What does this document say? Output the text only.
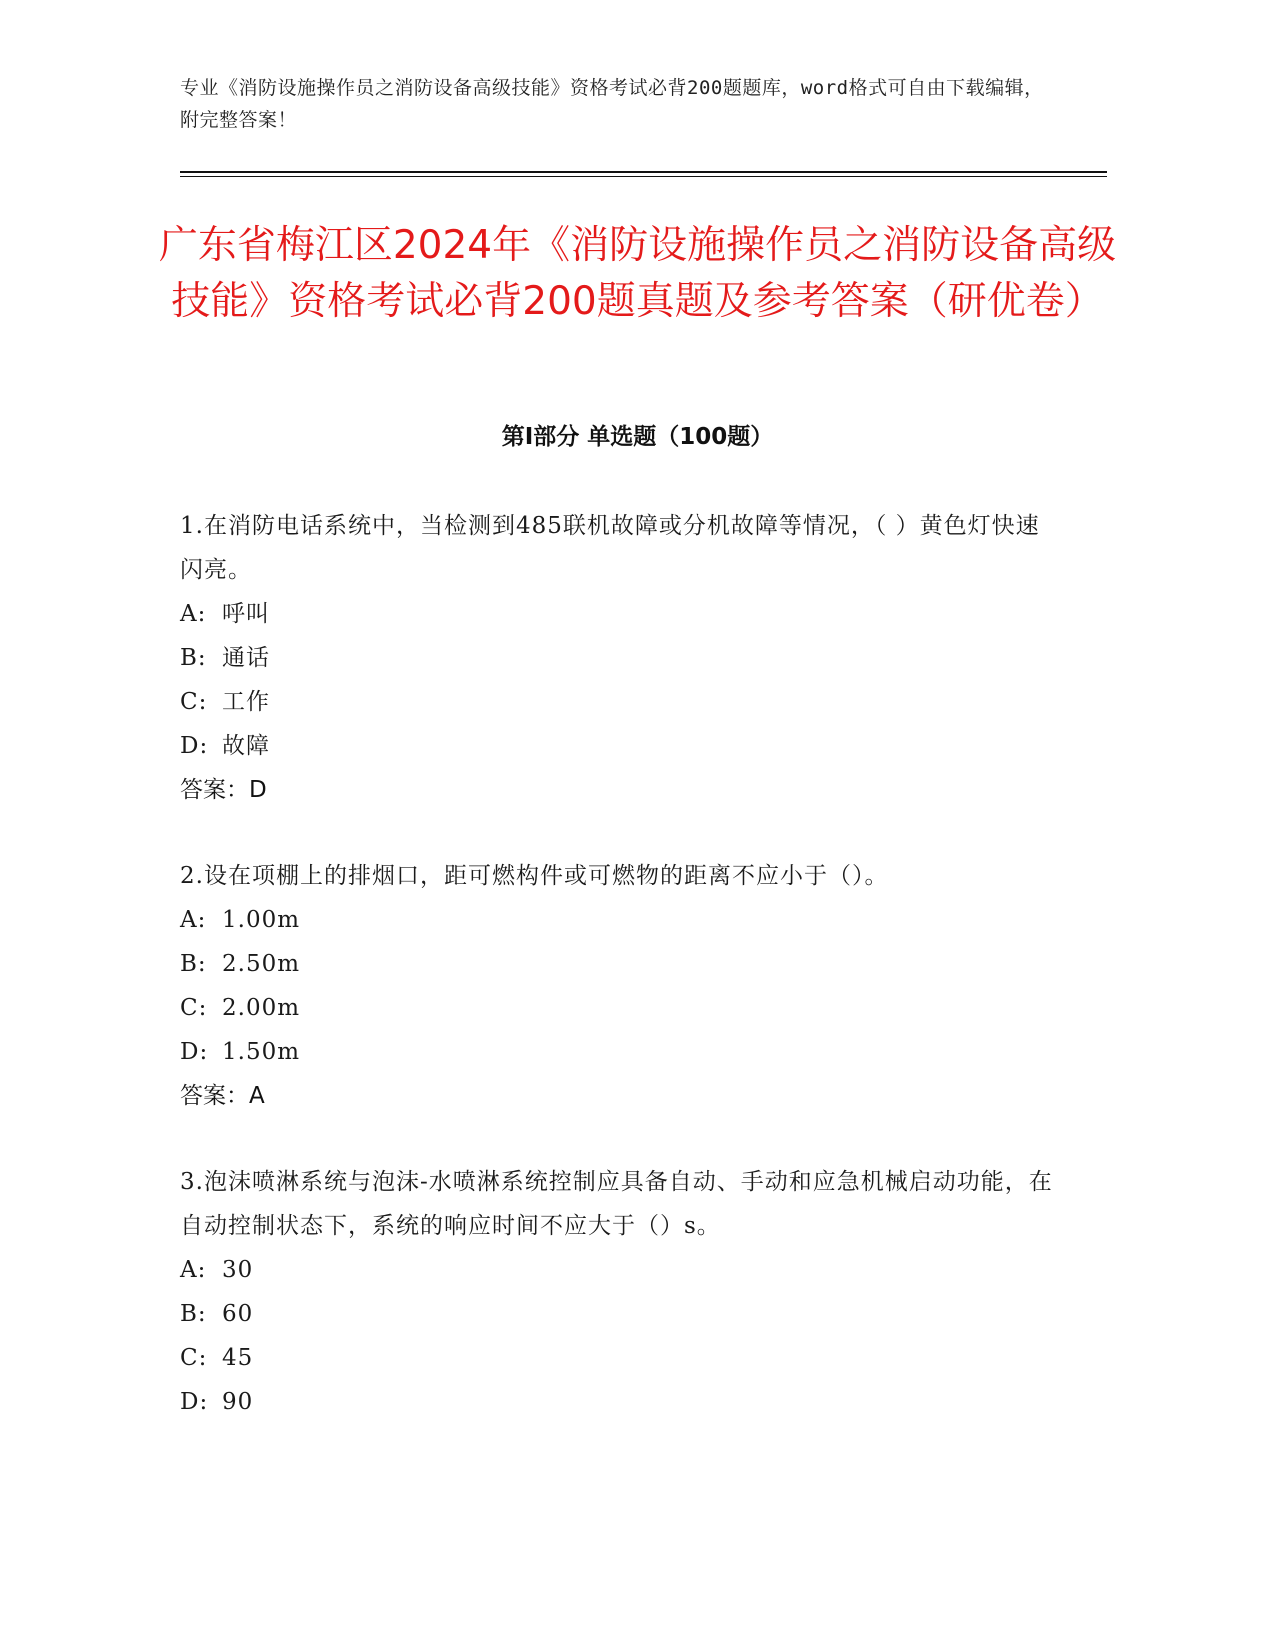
专业《消防设施操作员之消防设备高级技能》资格考试必背200题题库，word格式可自由下载编辑，附完整答案！
广东省梅江区2024年《消防设施操作员之消防设备高级技能》资格考试必背200题真题及参考答案（研优卷）
第I部分 单选题（100题）

1.在消防电话系统中，当检测到485联机故障或分机故障等情况，（ ）黄色灯快速闪亮。

A: 呼叫

B: 通话

C: 工作

D: 故障

答案：D

2.设在项棚上的排烟口，距可燃构件或可燃物的距离不应小于（）。

A: 1.00m

B: 2.50m

C: 2.00m

D: 1.50m

答案：A

3.泡沫喷淋系统与泡沫-水喷淋系统控制应具备自动、手动和应急机械启动功能，在自动控制状态下，系统的响应时间不应大于（）s。

A: 30

B: 60

C: 45

D: 90
